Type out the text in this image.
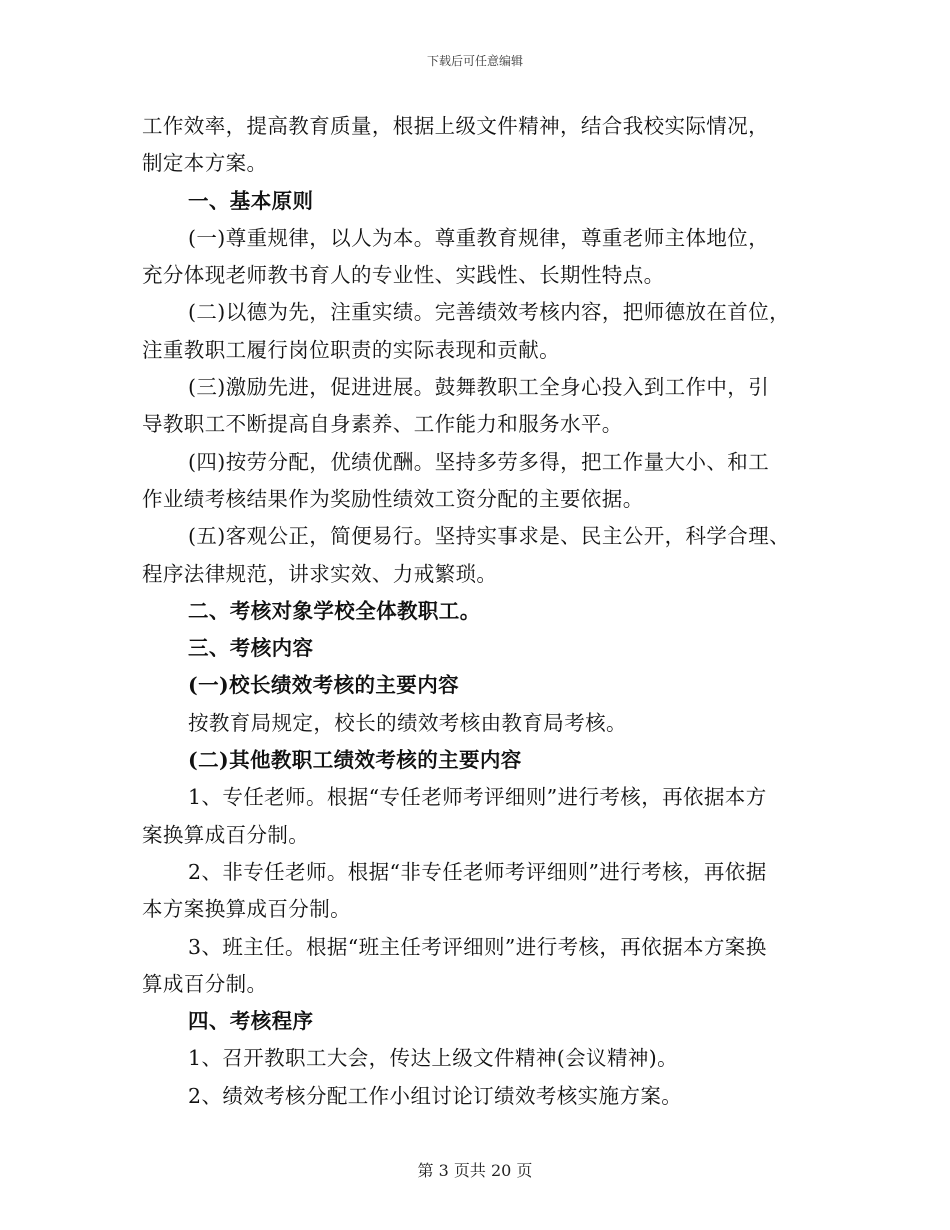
下载后可任意编辑
工作效率，提高教育质量，根据上级文件精神，结合我校实际情况，
制定本方案。
一、基本原则
(一)尊重规律，以人为本。尊重教育规律，尊重老师主体地位，
充分体现老师教书育人的专业性、实践性、长期性特点。
(二)以德为先，注重实绩。完善绩效考核内容，把师德放在首位，
注重教职工履行岗位职责的实际表现和贡献。
(三)激励先进，促进进展。鼓舞教职工全身心投入到工作中，引
导教职工不断提高自身素养、工作能力和服务水平。
(四)按劳分配，优绩优酬。坚持多劳多得，把工作量大小、和工
作业绩考核结果作为奖励性绩效工资分配的主要依据。
(五)客观公正，简便易行。坚持实事求是、民主公开，科学合理、
程序法律规范，讲求实效、力戒繁琐。
二、考核对象学校全体教职工。
三、考核内容
(一)校长绩效考核的主要内容
按教育局规定，校长的绩效考核由教育局考核。
(二)其他教职工绩效考核的主要内容
1、专任老师。根据“专任老师考评细则”进行考核，再依据本方
案换算成百分制。
2、非专任老师。根据“非专任老师考评细则”进行考核，再依据
本方案换算成百分制。
3、班主任。根据“班主任考评细则”进行考核，再依据本方案换
算成百分制。
四、考核程序
1、召开教职工大会，传达上级文件精神(会议精神)。
2、绩效考核分配工作小组讨论订绩效考核实施方案。
第 3 页共 20 页
